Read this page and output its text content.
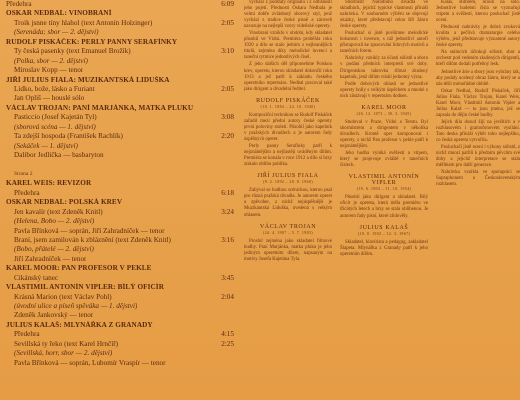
Předehra	6:09
OSKAR NEDBAL: VINOBRANÍ
Troik jsnne tíny hlahol (text Antonín Holzinger)	2:05
(Serenáda; sbor — 2. dějství)
RUDOLF PISKÁČEK: PERLY PANNY SERAFÍNKY
Ty česká pasenky (text Emanuel Brožík)	3:10
(Polka, sbor — 2. dějství)
Miroslav Kopp — tenor
JIŘÍ JULIUS FIALA: MUZIKANTSKÁ LIDUŠKA
Lidko, bože, lásko a Furiant	2:05
Jan Opliš — houslé sólo
VÁCLAV TROJAN: PANÍ MARJÁNKA, MATKA PLUKU
Pasticcio (Josef Kajetán Tyl)	3:08
(sborová scéna — 1. dějství)
Ta zdejší hospoda (František Rachlík)	2:20
(Sekáček — 1. dějství)
Dalibor Jedlička — basbaryton
Strana 2
KAREL WEIS: REVIZOR
Předehra	6:18
OSKAR NEDBAL: POLSKÁ KREV
Jen kavalír (text Zdeněk Knitl)	3:24
(Helena, Bobo — 2. dějství)
Pavla Břínková — soprán, Jiří Zahradníček — tenor
Braní, jsem zamilován k zbláznění (text Zdeněk Knitl)	3:16
(Bobo, přátelé — 2. dějství)
Jiří Zahradníček — tenor
KAREL MOOR: PAN PROFESOR V PEKLE
Cikánský tanec	3:45
VLASTIMIL ANTONÍN VIPLER: BÍLÝ OFICÍR
Krásná Marion (text Václav Pohl)	2:04
(úvodní ulice a píseň spěváka — 1. dějství)
Zdeněk Jankovský — tenor
JULIUS KALAŠ: MLYNÁŘKA Z GRANADY
Předehra	4:15
Sevillská ty řeko (text Karel Hrnčíř)	2:25
(Sevillská, horr, sbor — 2. dějství)
Pavla Břínková — soprán, Lubomír Vraspír — tenor

vychází z podstaty originálu i z odlišnosti jeho pojetí. Předností Oskara Nedbala je velmi dobře zvládnutý sborový styl, jenž vychází z tradice české písně a zároveň navazuje na nejlepší vzory vídeňské operety.

Vinobraní vzniklo v období, kdy skladatel působil ve Vídni. Premiéra proběhla roku 1920 a dílo se stalo jedním z nejhranějších titulů, zejména díky melodické invenci a taneční rytmice jednotlivých čísel.

Z jeho dalších děl připomeňme Polskou krev, operetu, kterou skladatel dokončil roku 1913 a jež patří k základu českého operetního repertoáru. Nedbal pracoval také jako dirigent a divadelní ředitel.

RUDOLF PISKÁČEK
(10. 1. 1884 – 24. 10. 1940)

Kompoziční technikou se Rudolf Piskáček zařadil mezi přední autory české operety první poloviny století. Působil jako kapelník v pražských divadlech a je autorem řady úspěšných operet.

Perly panny Serafínky patří k nejznámějším a nejčastěji uváděným dílům. Premiéra se konala v roce 1912 a dílo si brzy získalo oblibu publika.

JIŘÍ JULIUS FIALA
(9. 2. 1892 – 28. 8. 1960)

Zabýval se hudbou scénickou, kterou psal pro různá pražská divadla. Je autorem operet a zpěvoher, z nichž nejúspěšnější je Muzikantská Liduška, uvedená s velkým ohlasem.

VÁCLAV TROJAN
(24. 4. 1907 – 5. 7. 1983)

Proslul zejména jako skladatel filmové hudby. Paní Marjánka, matka pluku je jeho jediným operetním dílem, napsaným na motivy Josefa Kajetána Tyla.

Sbormistr Národního divadla ve skladbách, jejichž typické vlastnosti přináší nahrávka. V souborném výběru se objevují ukázky, které představují celou šíři žánru české operety.

Posluchač si jistě povšimne melodické bohatosti i invence, s níž jednotliví autoři přistupovali ke zpracování lidových motivů a tanečních forem.

Nahrávky vznikly za účasti sólistů a sboru v podání předních interpretů své doby. Dirigentskou taktovku třímal zkušený kapelník, jenž dílům vtiskl jednotný výraz.

Podle dobových ohlasů se jednotlivé operety hrály s velkým úspěchem a mnohé z nich zůstávají v repertoáru dodnes.

KAREL MOOR
(26. 12. 1873 – 30. 3. 1945)

Studoval v Praze, Vídni a Terstu. Byl sbormistrem a dirigentem v několika divadlech. Kromě oper komponoval i operety, z nichž Pan profesor v pekle patří k nejznámějším.

Jeho hudba vyniká svěžestí a vtipem, který se projevuje zvláště v tanečních číslech.

VLASTIMIL ANTONÍN VIPLER
(19. 6. 1903 – 11. 10. 1954)

Působil jako dirigent a skladatel. Bílý oficír je opereta, která měla premiéru ve třicátých letech a brzy se stala oblíbenou. Je autorem řady písní, které zlidověly.

JULIUS KALAŠ
(18. 8. 1902 – 12. 3. 1967)

Skladatel, klavírista a pedagog, zakladatel Šlapeta. Mlynářka z Granady patří k jeho operetním dílům.

Kalaš, Bilbrem, Šroub na sólo. Jednotlivé hudební čísla se vyznačují vtipem a svěžestí, kterou posluchač jistě ocení.

Předností nahrávky je dobrá zvuková kvalita a pečlivá dramaturgie celého výběru, jenž představuje významné autory české operety.

Na snímcích účinkují sólisté, sbor a orchestr pod vedením zkušených dirigentů, kteří dílům dodali potřebný lesk.

Jednotlivé árie a sbory jsou vybrány tak, aby podaly ucelený obraz žánru, který se u nás těšil mimořádné oblibě.

Oskar Nedbal, Rudolf Piskáček, Jiří Julius Fiala, Václav Trojan, Karel Weis, Karel Moor, Vlastimil Antonín Vipler a Julius Kalaš — to jsou jména, jež se zapsala do dějin české hudby.

Jejich díla dosud žijí na jevištích a v rozhlasovém i gramofonovém vysílání. Tato deska přináší výběr toho nejlepšího, co česká opereta vytvořila.

Posluchači jistě ocení i výkony sólistů, z nichž mnozí patřili k předním pěvcům své doby a jejichž interpretace se stala měřítkem pro další generace.

Nahrávka vznikla ve spolupráci se Supraphonem a Československým rozhlasem.
